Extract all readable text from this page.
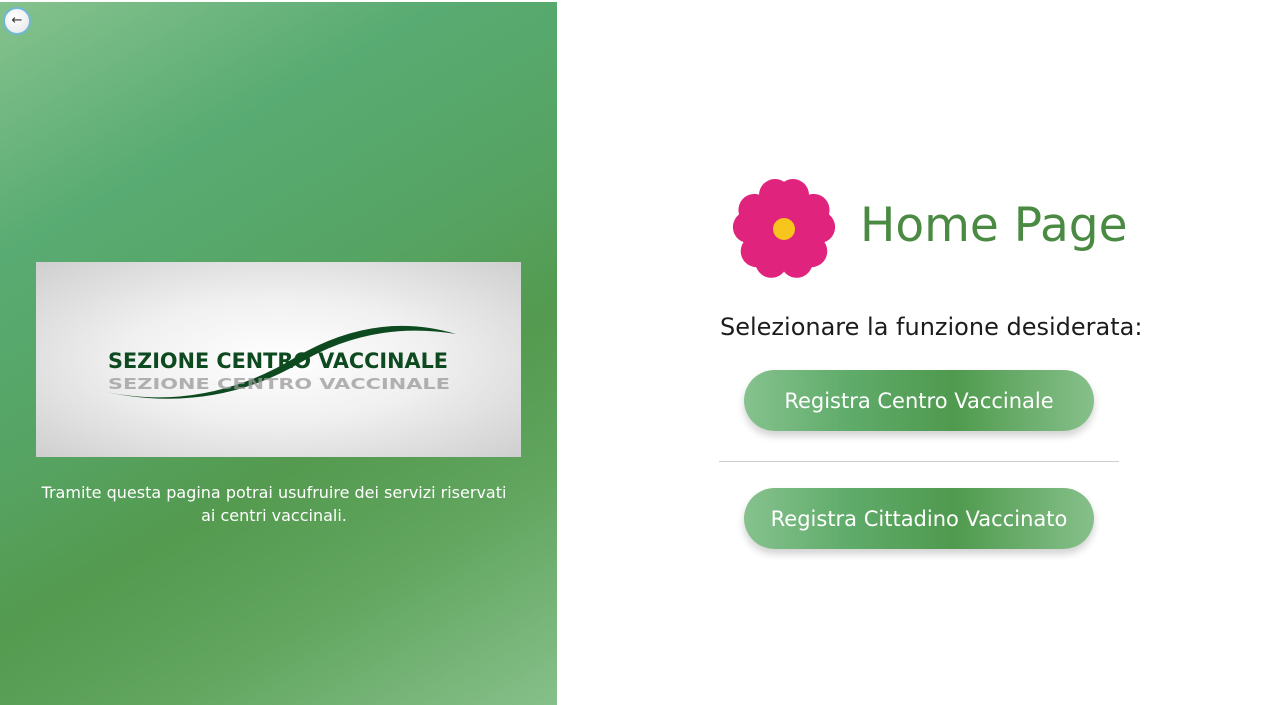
←
SEZIONE CENTRO VACCINALE
SEZIONE CENTRO VACCINALE
Tramite questa pagina potrai usufruire dei servizi riservati ai centri vaccinali.
Home Page
Selezionare la funzione desiderata:
Registra Centro Vaccinale
Registra Cittadino Vaccinato
